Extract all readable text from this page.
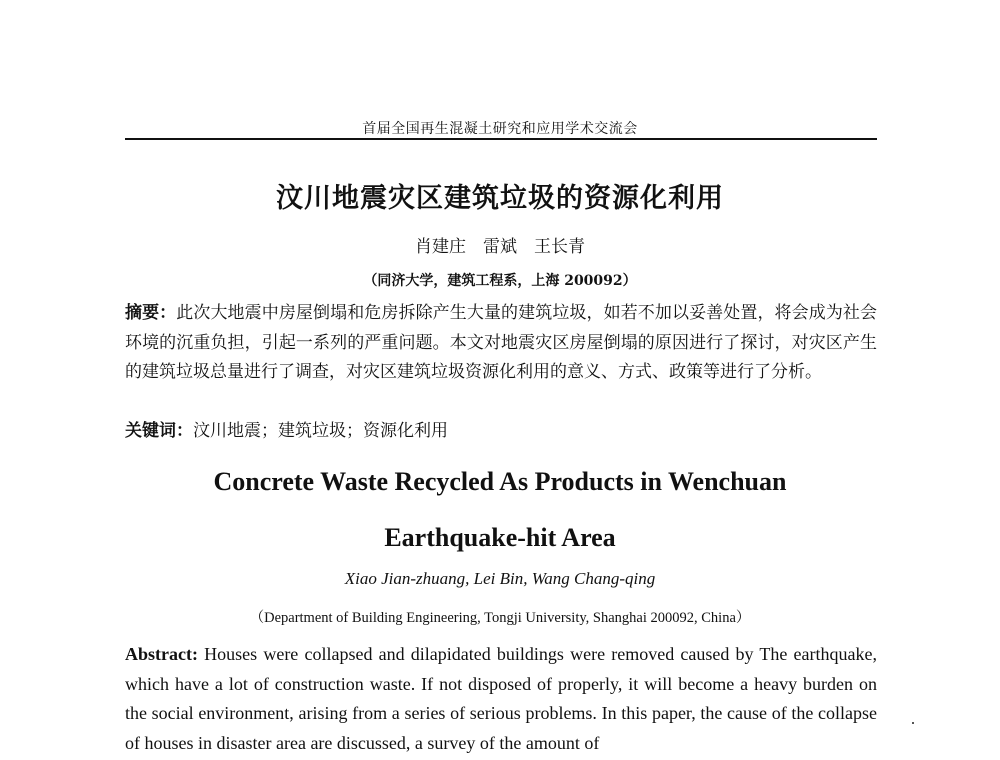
首届全国再生混凝土研究和应用学术交流会
汶川地震灾区建筑垃圾的资源化利用
肖建庄　雷斌　王长青
（同济大学，建筑工程系，上海 200092）
摘要：此次大地震中房屋倒塌和危房拆除产生大量的建筑垃圾，如若不加以妥善处置，将会成为社会环境的沉重负担，引起一系列的严重问题。本文对地震灾区房屋倒塌的原因进行了探讨，对灾区产生的建筑垃圾总量进行了调查，对灾区建筑垃圾资源化利用的意义、方式、政策等进行了分析。
关键词：汶川地震；建筑垃圾；资源化利用
Concrete Waste Recycled As Products in Wenchuan
Earthquake-hit Area
Xiao Jian-zhuang, Lei Bin, Wang Chang-qing
（Department of Building Engineering, Tongji University, Shanghai 200092, China）
Abstract: Houses were collapsed and dilapidated buildings were removed caused by The earthquake, which have a lot of construction waste. If not disposed of properly, it will become a heavy burden on the social environment, arising from a series of serious problems. In this paper, the cause of the collapse of houses in disaster area are discussed, a survey of the amount of
